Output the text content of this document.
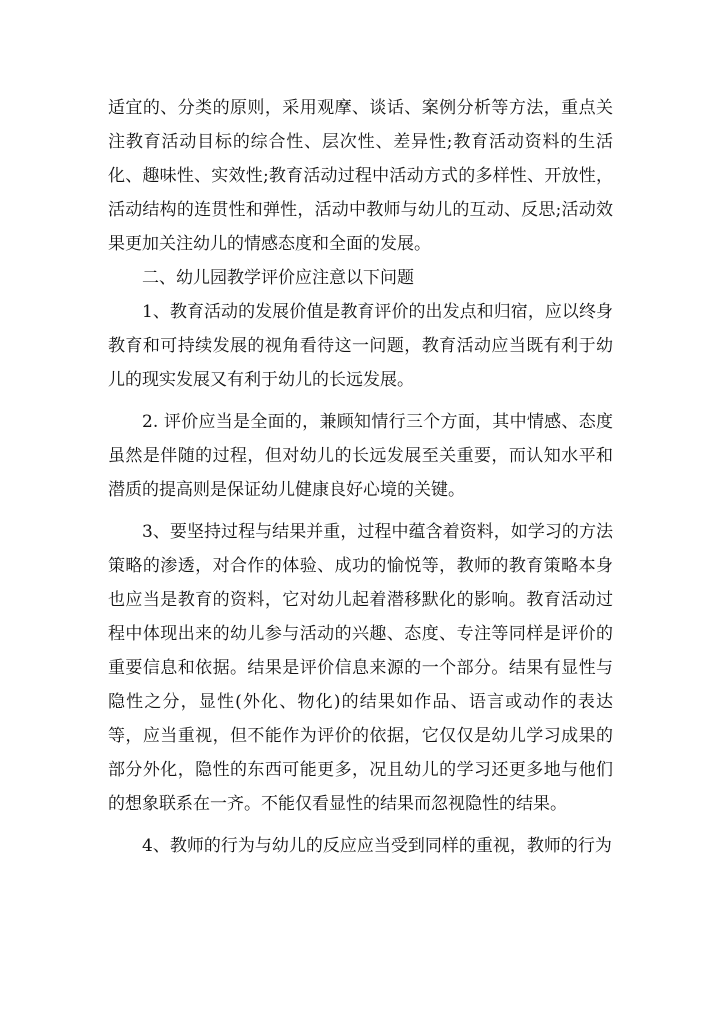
适宜的、分类的原则，采用观摩、谈话、案例分析等方法，重点关注教育活动目标的综合性、层次性、差异性;教育活动资料的生活化、趣味性、实效性;教育活动过程中活动方式的多样性、开放性，活动结构的连贯性和弹性，活动中教师与幼儿的互动、反思;活动效果更加关注幼儿的情感态度和全面的发展。

二、幼儿园教学评价应注意以下问题

1、教育活动的发展价值是教育评价的出发点和归宿，应以终身教育和可持续发展的视角看待这一问题，教育活动应当既有利于幼儿的现实发展又有利于幼儿的长远发展。

2. 评价应当是全面的，兼顾知情行三个方面，其中情感、态度虽然是伴随的过程，但对幼儿的长远发展至关重要，而认知水平和潜质的提高则是保证幼儿健康良好心境的关键。

3、要坚持过程与结果并重，过程中蕴含着资料，如学习的方法策略的渗透，对合作的体验、成功的愉悦等，教师的教育策略本身也应当是教育的资料，它对幼儿起着潜移默化的影响。教育活动过程中体现出来的幼儿参与活动的兴趣、态度、专注等同样是评价的重要信息和依据。结果是评价信息来源的一个部分。结果有显性与隐性之分，显性(外化、物化)的结果如作品、语言或动作的表达等，应当重视，但不能作为评价的依据，它仅仅是幼儿学习成果的部分外化，隐性的东西可能更多，况且幼儿的学习还更多地与他们的想象联系在一齐。不能仅看显性的结果而忽视隐性的结果。

4、教师的行为与幼儿的反应应当受到同样的重视，教师的行为
